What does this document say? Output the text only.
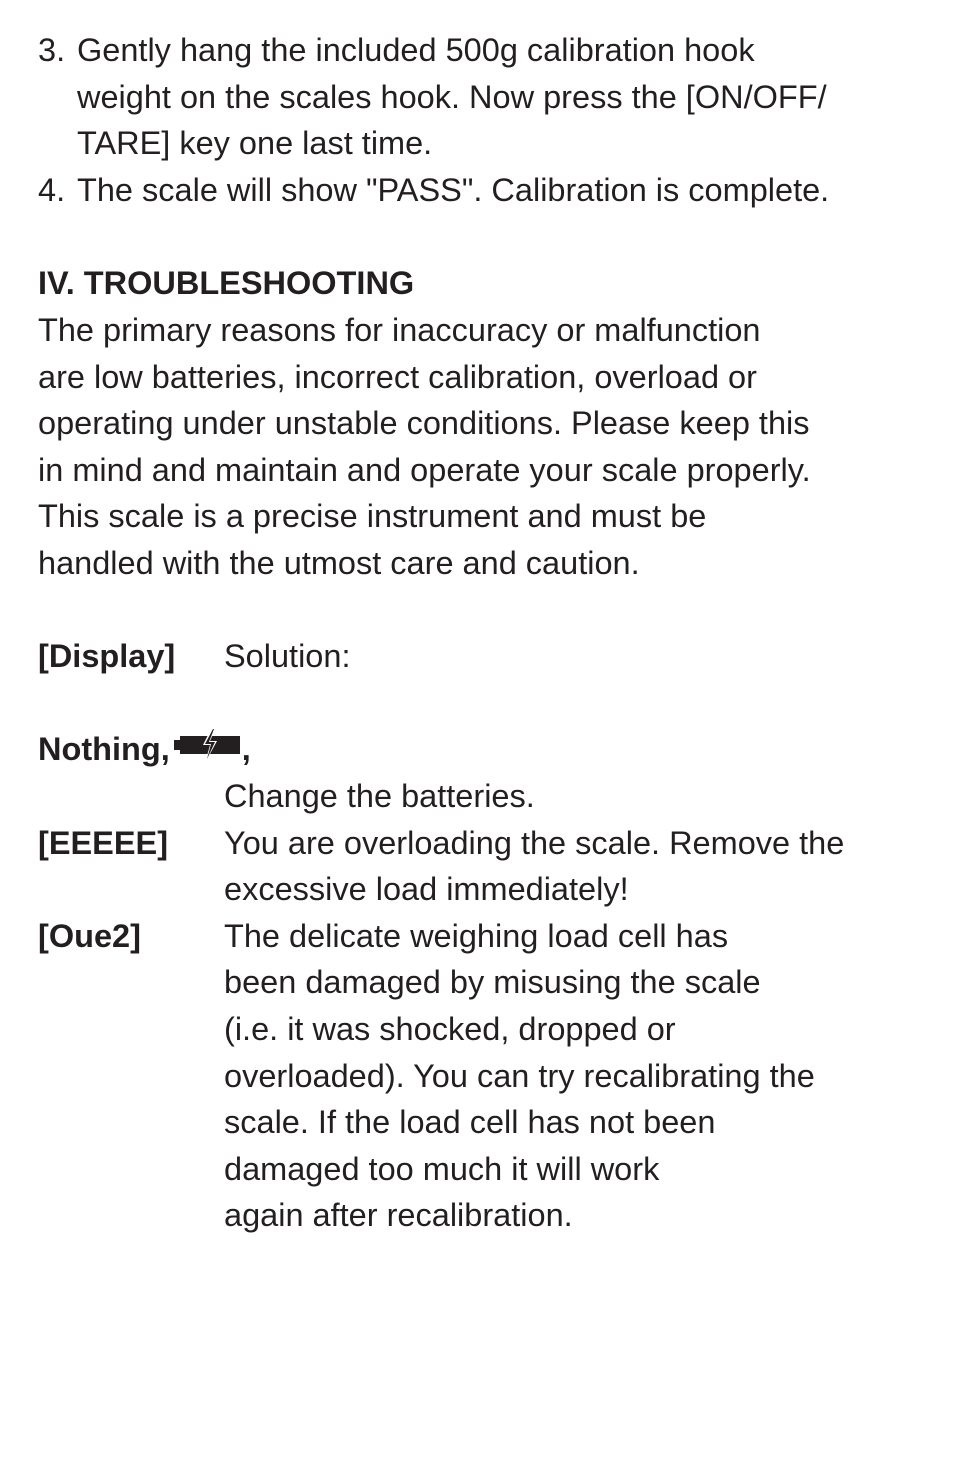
3. Gently hang the included 500g calibration hook
weight on the scales hook. Now press the [ON/OFF/
TARE] key one last time.
4. The scale will show "PASS". Calibration is complete.
IV. TROUBLESHOOTING
The primary reasons for inaccuracy or malfunction
are low batteries, incorrect calibration, overload or
operating under unstable conditions. Please keep this
in mind and maintain and operate your scale properly.
This scale is a precise instrument and must be
handled with the utmost care and caution.
[Display] Solution:
Nothing, ,
Change the batteries.
[EEEEE] You are overloading the scale. Remove the
excessive load immediately!
[Oue2]	The delicate weighing load cell has
been damaged by misusing the scale
(i.e. it was shocked, dropped or
overloaded). You can try recalibrating the
scale. If the load cell has not been
damaged too much it will work
again after recalibration.
